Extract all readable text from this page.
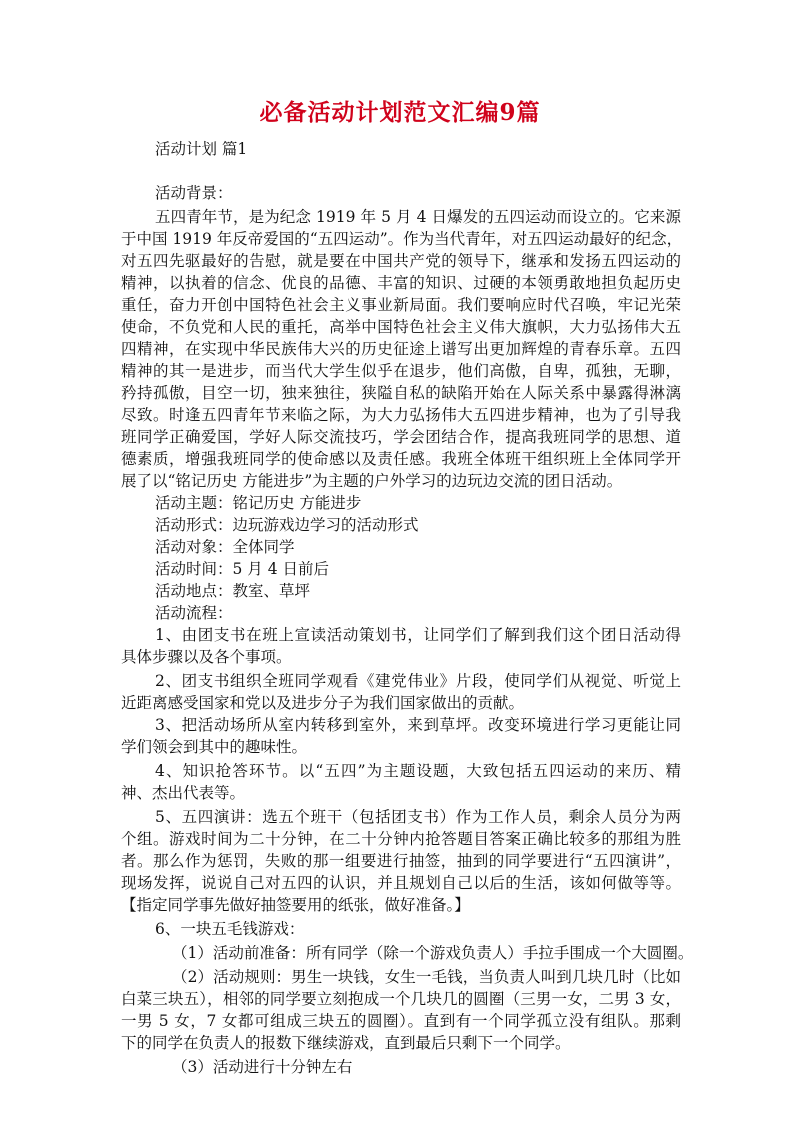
必备活动计划范文汇编9篇
活动计划 篇1
活动背景：
五四青年节，是为纪念 1919 年 5 月 4 日爆发的五四运动而设立的。它来源
于中国 1919 年反帝爱国的“五四运动”。作为当代青年，对五四运动最好的纪念，
对五四先驱最好的告慰，就是要在中国共产党的领导下，继承和发扬五四运动的
精神，以执着的信念、优良的品德、丰富的知识、过硬的本领勇敢地担负起历史
重任，奋力开创中国特色社会主义事业新局面。我们要响应时代召唤，牢记光荣
使命，不负党和人民的重托，高举中国特色社会主义伟大旗帜，大力弘扬伟大五
四精神，在实现中华民族伟大兴的历史征途上谱写出更加辉煌的青春乐章。五四
精神的其一是进步，而当代大学生似乎在退步，他们高傲，自卑，孤独，无聊，
矜持孤傲，目空一切，独来独往，狭隘自私的缺陷开始在人际关系中暴露得淋漓
尽致。时逢五四青年节来临之际，为大力弘扬伟大五四进步精神，也为了引导我
班同学正确爱国，学好人际交流技巧，学会团结合作，提高我班同学的思想、道
德素质，增强我班同学的使命感以及责任感。我班全体班干组织班上全体同学开
展了以“铭记历史 方能进步”为主题的户外学习的边玩边交流的团日活动。
活动主题：铭记历史 方能进步
活动形式：边玩游戏边学习的活动形式
活动对象：全体同学
活动时间：5 月 4 日前后
活动地点：教室、草坪
活动流程：
1、由团支书在班上宣读活动策划书，让同学们了解到我们这个团日活动得
具体步骤以及各个事项。
2、团支书组织全班同学观看《建党伟业》片段，使同学们从视觉、听觉上
近距离感受国家和党以及进步分子为我们国家做出的贡献。
3、把活动场所从室内转移到室外，来到草坪。改变环境进行学习更能让同
学们领会到其中的趣味性。
4、知识抢答环节。以“五四”为主题设题，大致包括五四运动的来历、精
神、杰出代表等。
5、五四演讲：选五个班干（包括团支书）作为工作人员，剩余人员分为两
个组。游戏时间为二十分钟，在二十分钟内抢答题目答案正确比较多的那组为胜
者。那么作为惩罚，失败的那一组要进行抽签，抽到的同学要进行“五四演讲”，
现场发挥，说说自己对五四的认识，并且规划自己以后的生活，该如何做等等。
【指定同学事先做好抽签要用的纸张，做好准备。】
6、一块五毛钱游戏：
（1）活动前准备：所有同学（除一个游戏负责人）手拉手围成一个大圆圈。
（2）活动规则：男生一块钱，女生一毛钱，当负责人叫到几块几时（比如
白菜三块五），相邻的同学要立刻抱成一个几块几的圆圈（三男一女，二男 3 女，
一男 5 女，7 女都可组成三块五的圆圈）。直到有一个同学孤立没有组队。那剩
下的同学在负责人的报数下继续游戏，直到最后只剩下一个同学。
（3）活动进行十分钟左右
